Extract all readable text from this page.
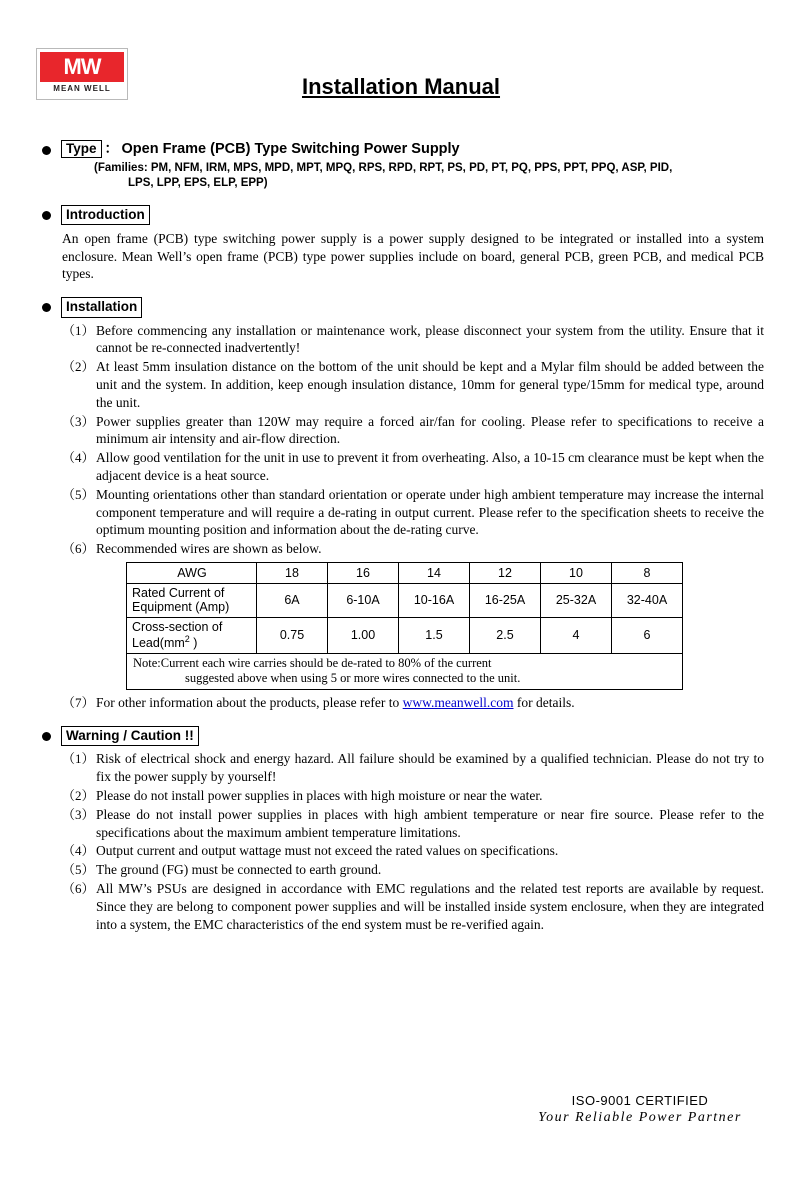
MW
MEAN WELL	Installation Manual
Type ： Open Frame (PCB) Type Switching Power Supply
(Families: PM, NFM, IRM, MPS, MPD, MPT, MPQ, RPS, RPD, RPT, PS, PD, PT, PQ, PPS, PPT, PPQ, ASP, PID,
LPS, LPP, EPS, ELP, EPP)
Introduction
An open frame (PCB) type switching power supply is a power supply designed to be integrated or installed into a system enclosure. Mean Well’s open frame (PCB) type power supplies include on board, general PCB, green PCB, and medical PCB types.
Installation
（1） Before commencing any installation or maintenance work, please disconnect your system from the utility. Ensure that it cannot be re-connected inadvertently!
（2） At least 5mm insulation distance on the bottom of the unit should be kept and a Mylar film should be added between the unit and the system. In addition, keep enough insulation distance, 10mm for general type/15mm for medical type, around the unit.
（3） Power supplies greater than 120W may require a forced air/fan for cooling. Please refer to specifications to receive a minimum air intensity and air-flow direction.
（4） Allow good ventilation for the unit in use to prevent it from overheating. Also, a 10-15 cm clearance must be kept when the adjacent device is a heat source.
（5） Mounting orientations other than standard orientation or operate under high ambient temperature may increase the internal component temperature and will require a de-rating in output current. Please refer to the specification sheets to receive the optimum mounting position and information about the de-rating curve.
（6） Recommended wires are shown as below.
AWG	18	16	14	12	10	8
Rated Current of
Equipment (Amp)	6A	6-10A	10-16A	16-25A	25-32A	32-40A
Cross-section of
$Lead(mm^2$ )	0.75	1.00	1.5	2.5	4	6
Note:Current each wire carries should be de-rated to 80% of the current
suggested above when using 5 or more wires connected to the unit.						
（7） For other information about the products, please refer to www.meanwell.com for details.
Warning / Caution !!
（1） Risk of electrical shock and energy hazard. All failure should be examined by a qualified technician. Please do not try to fix the power supply by yourself!
（2） Please do not install power supplies in places with high moisture or near the water.
（3） Please do not install power supplies in places with high ambient temperature or near fire source. Please refer to the specifications about the maximum ambient temperature limitations.
（4） Output current and output wattage must not exceed the rated values on specifications.
（5） The ground (FG) must be connected to earth ground.
（6） All MW’s PSUs are designed in accordance with EMC regulations and the related test reports are available by request. Since they are belong to component power supplies and will be installed inside system enclosure, when they are integrated into a system, the EMC characteristics of the end system must be re-verified again.
ISO-9001 CERTIFIED
Your Reliable Power Partner
